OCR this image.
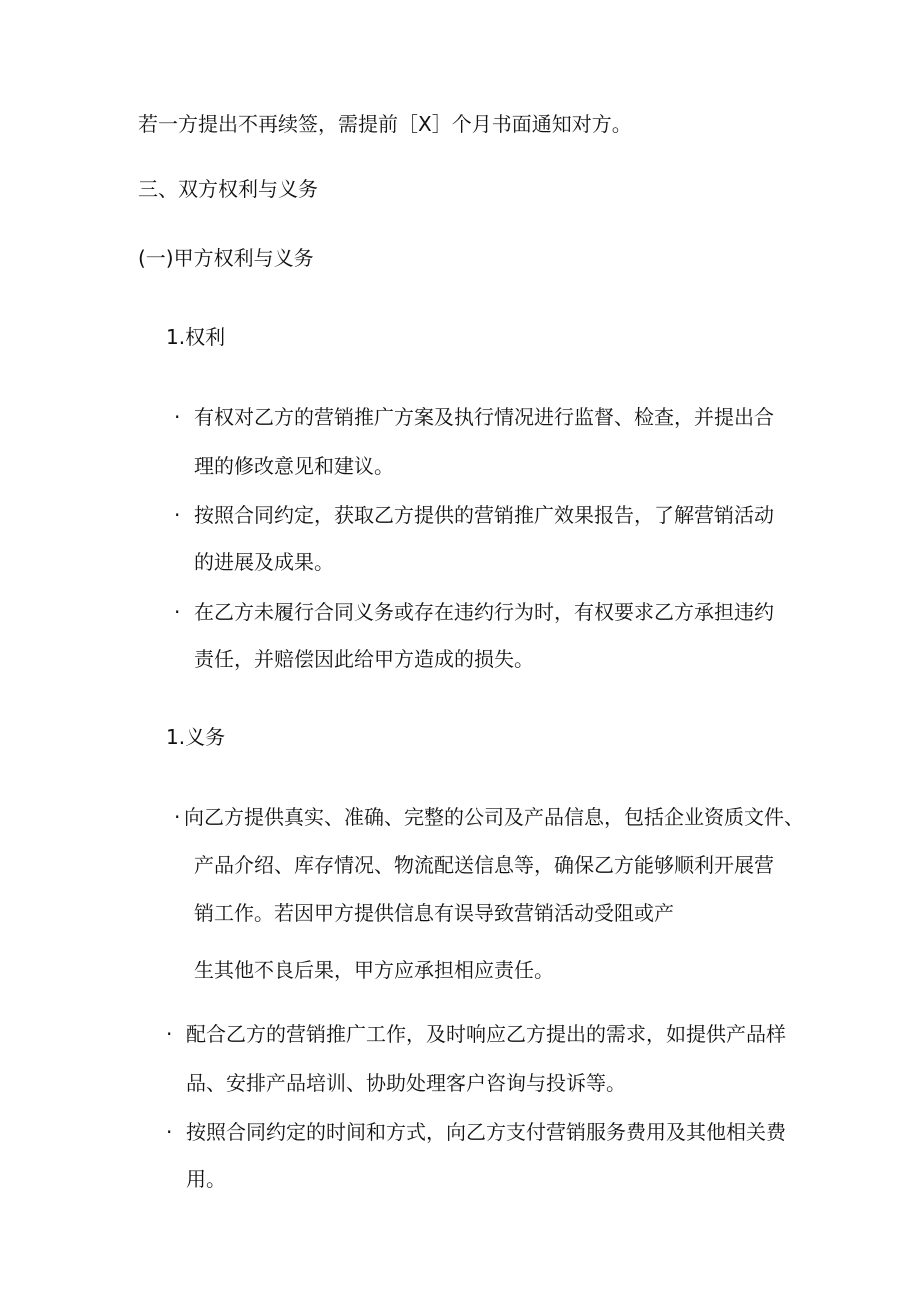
若一方提出不再续签，需提前［X］个月书面通知对方。
三、双方权利与义务
(一)甲方权利与义务
1.权利
· 有权对乙方的营销推广方案及执行情况进行监督、检查，并提出合
理的修改意见和建议。
· 按照合同约定，获取乙方提供的营销推广效果报告，了解营销活动
的进展及成果。
· 在乙方未履行合同义务或存在违约行为时，有权要求乙方承担违约
责任，并赔偿因此给甲方造成的损失。
1.义务
· 向乙方提供真实、准确、完整的公司及产品信息，包括企业资质文件、
产品介绍、库存情况、物流配送信息等，确保乙方能够顺利开展营
销工作。若因甲方提供信息有误导致营销活动受阻或产
生其他不良后果，甲方应承担相应责任。
· 配合乙方的营销推广工作，及时响应乙方提出的需求，如提供产品样
品、安排产品培训、协助处理客户咨询与投诉等。
· 按照合同约定的时间和方式，向乙方支付营销服务费用及其他相关费
用。
